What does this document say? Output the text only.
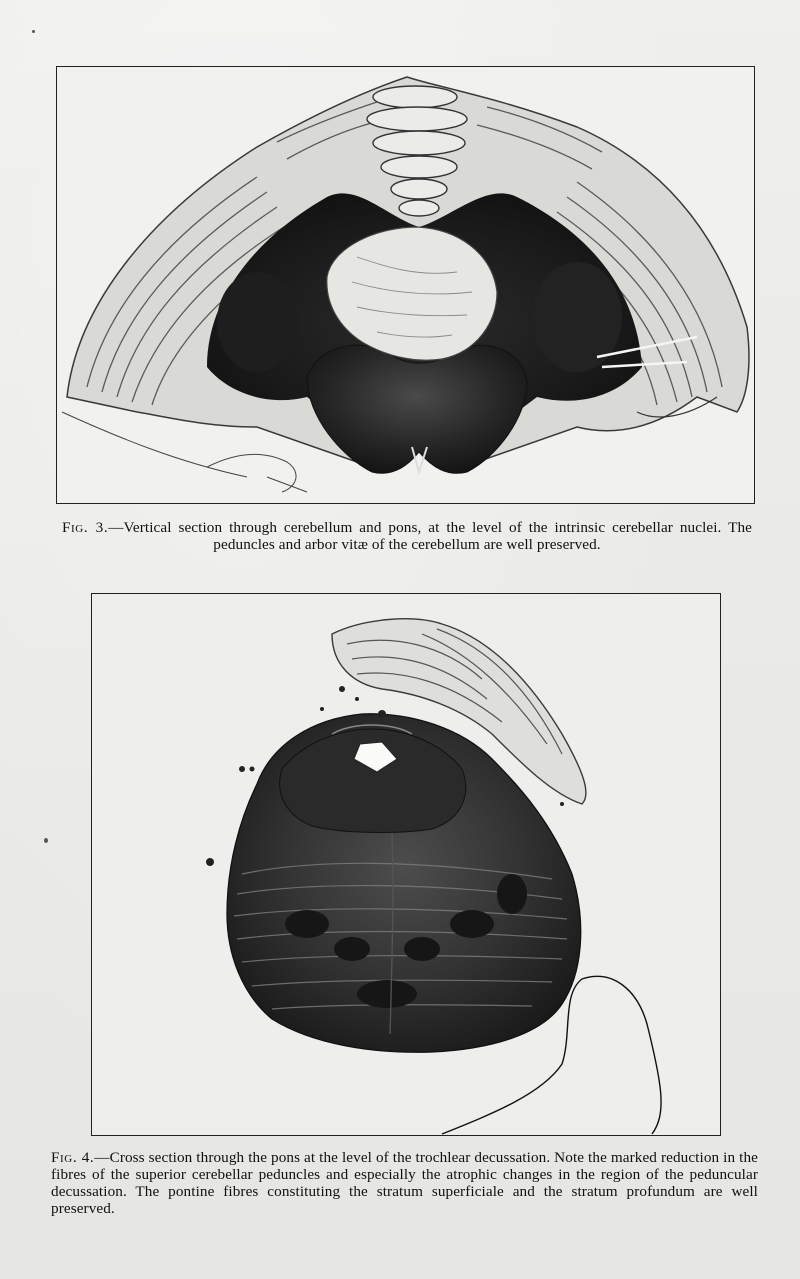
Fig. 3.—Vertical section through cerebellum and pons, at the level of the intrinsic cerebellar nuclei. The peduncles and arbor vitæ of the cerebellum are well preserved.
Fig. 4.—Cross section through the pons at the level of the trochlear decussation. Note the marked reduction in the fibres of the superior cerebellar peduncles and especially the atrophic changes in the region of the peduncular decussation. The pontine fibres constituting the stratum superficiale and the stratum profundum are well preserved.
